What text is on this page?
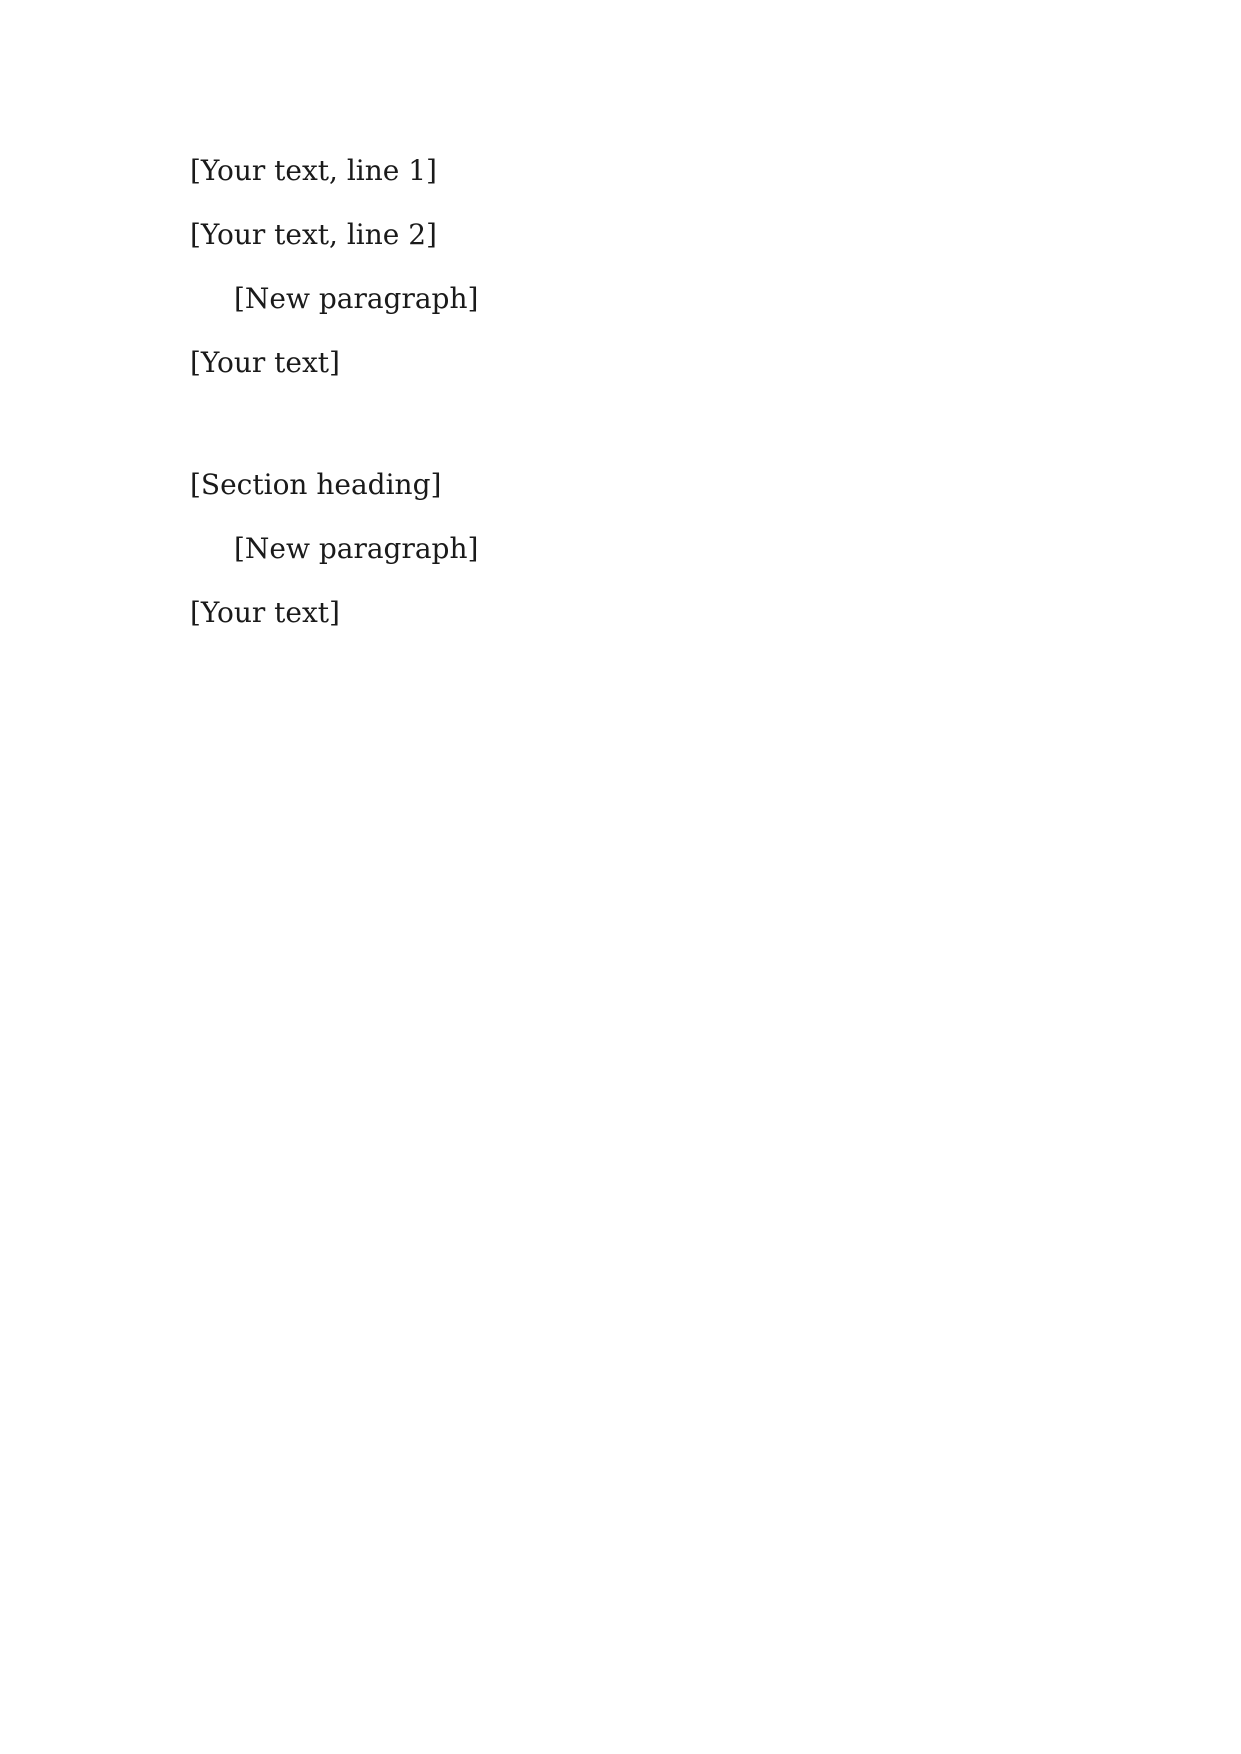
[Your text, line 1]
[Your text, line 2]
[New paragraph]
[Your text]
[Section heading]
[New paragraph]
[Your text]
